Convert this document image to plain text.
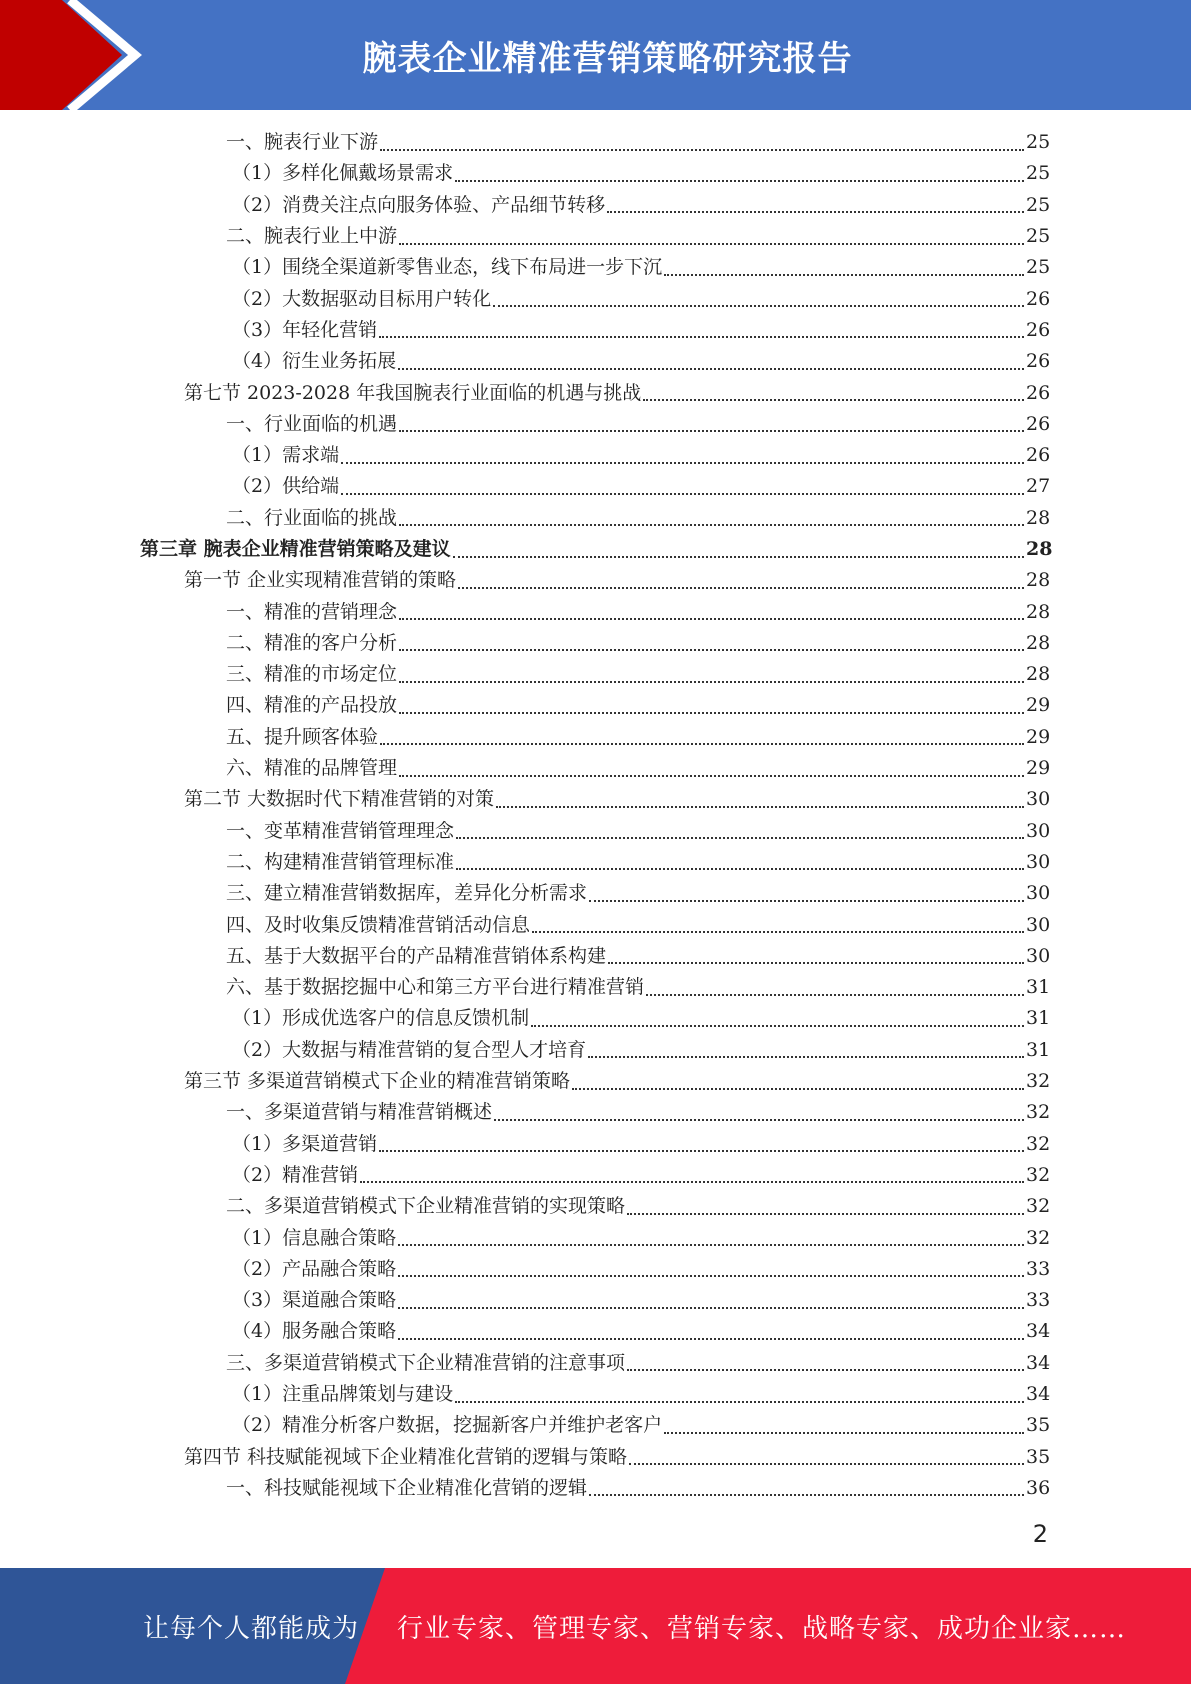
腕表企业精准营销策略研究报告
一、腕表行业下游	25
（1）多样化佩戴场景需求	25
（2）消费关注点向服务体验、产品细节转移	25
二、腕表行业上中游	25
（1）围绕全渠道新零售业态，线下布局进一步下沉	25
（2）大数据驱动目标用户转化	26
（3）年轻化营销	26
（4）衍生业务拓展	26
第七节 2023-2028 年我国腕表行业面临的机遇与挑战	26
一、行业面临的机遇	26
（1）需求端	26
（2）供给端	27
二、行业面临的挑战	28
第三章 腕表企业精准营销策略及建议	28
第一节 企业实现精准营销的策略	28
一、精准的营销理念	28
二、精准的客户分析	28
三、精准的市场定位	28
四、精准的产品投放	29
五、提升顾客体验	29
六、精准的品牌管理	29
第二节 大数据时代下精准营销的对策	30
一、变革精准营销管理理念	30
二、构建精准营销管理标准	30
三、建立精准营销数据库，差异化分析需求	30
四、及时收集反馈精准营销活动信息	30
五、基于大数据平台的产品精准营销体系构建	30
六、基于数据挖掘中心和第三方平台进行精准营销	31
（1）形成优选客户的信息反馈机制	31
（2）大数据与精准营销的复合型人才培育	31
第三节 多渠道营销模式下企业的精准营销策略	32
一、多渠道营销与精准营销概述	32
（1）多渠道营销	32
（2）精准营销	32
二、多渠道营销模式下企业精准营销的实现策略	32
（1）信息融合策略	32
（2）产品融合策略	33
（3）渠道融合策略	33
（4）服务融合策略	34
三、多渠道营销模式下企业精准营销的注意事项	34
（1）注重品牌策划与建设	34
（2）精准分析客户数据，挖掘新客户并维护老客户	35
第四节 科技赋能视域下企业精准化营销的逻辑与策略	35
一、科技赋能视域下企业精准化营销的逻辑	36
2
让每个人都能成为 行业专家、管理专家、营销专家、战略专家、成功企业家……
